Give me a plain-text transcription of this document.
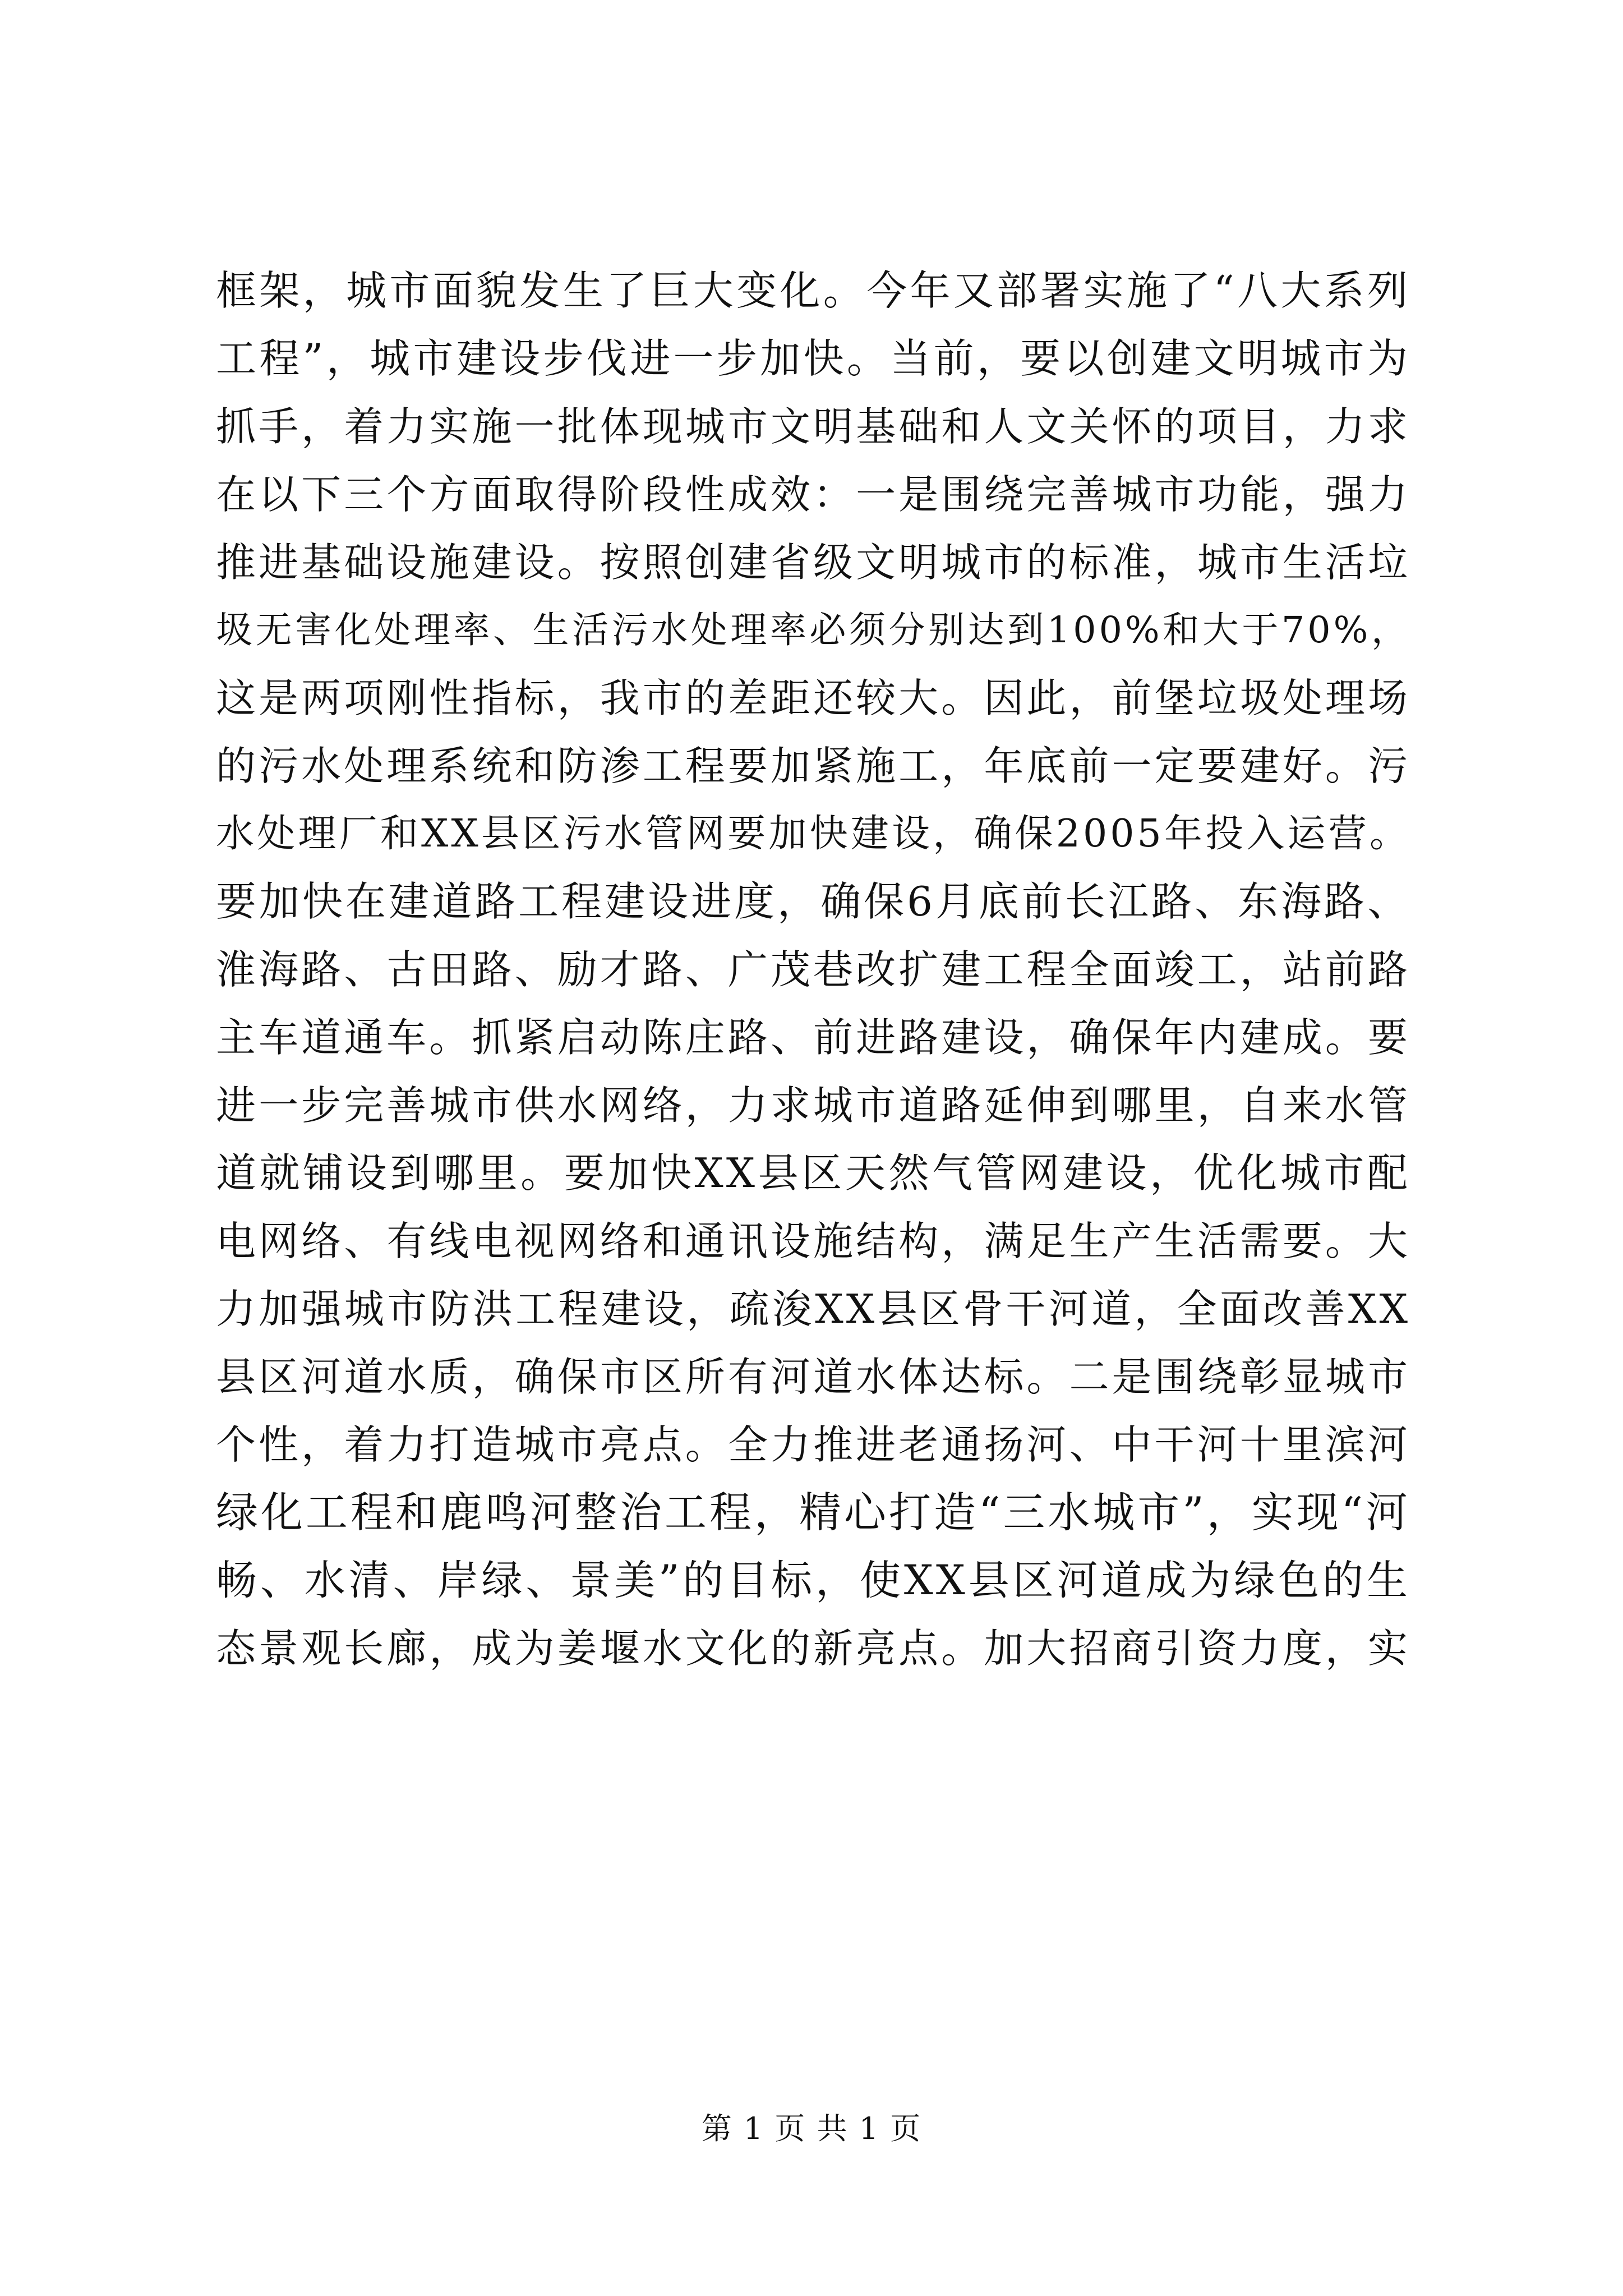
框架，城市面貌发生了巨大变化。今年又部署实施了“八大系列
工程”，城市建设步伐进一步加快。当前，要以创建文明城市为
抓手，着力实施一批体现城市文明基础和人文关怀的项目，力求
在以下三个方面取得阶段性成效：一是围绕完善城市功能，强力
推进基础设施建设。按照创建省级文明城市的标准，城市生活垃
圾无害化处理率、生活污水处理率必须分别达到100%和大于70%，
这是两项刚性指标，我市的差距还较大。因此，前堡垃圾处理场
的污水处理系统和防渗工程要加紧施工，年底前一定要建好。污
水处理厂和XX县区污水管网要加快建设，确保2005年投入运营。
要加快在建道路工程建设进度，确保6月底前长江路、东海路、
淮海路、古田路、励才路、广茂巷改扩建工程全面竣工，站前路
主车道通车。抓紧启动陈庄路、前进路建设，确保年内建成。要
进一步完善城市供水网络，力求城市道路延伸到哪里，自来水管
道就铺设到哪里。要加快XX县区天然气管网建设，优化城市配
电网络、有线电视网络和通讯设施结构，满足生产生活需要。大
力加强城市防洪工程建设，疏浚XX县区骨干河道，全面改善XX
县区河道水质，确保市区所有河道水体达标。二是围绕彰显城市
个性，着力打造城市亮点。全力推进老通扬河、中干河十里滨河
绿化工程和鹿鸣河整治工程，精心打造“三水城市”，实现“河
畅、水清、岸绿、景美”的目标，使XX县区河道成为绿色的生
态景观长廊，成为姜堰水文化的新亮点。加大招商引资力度，实
第 1 页 共 1 页
